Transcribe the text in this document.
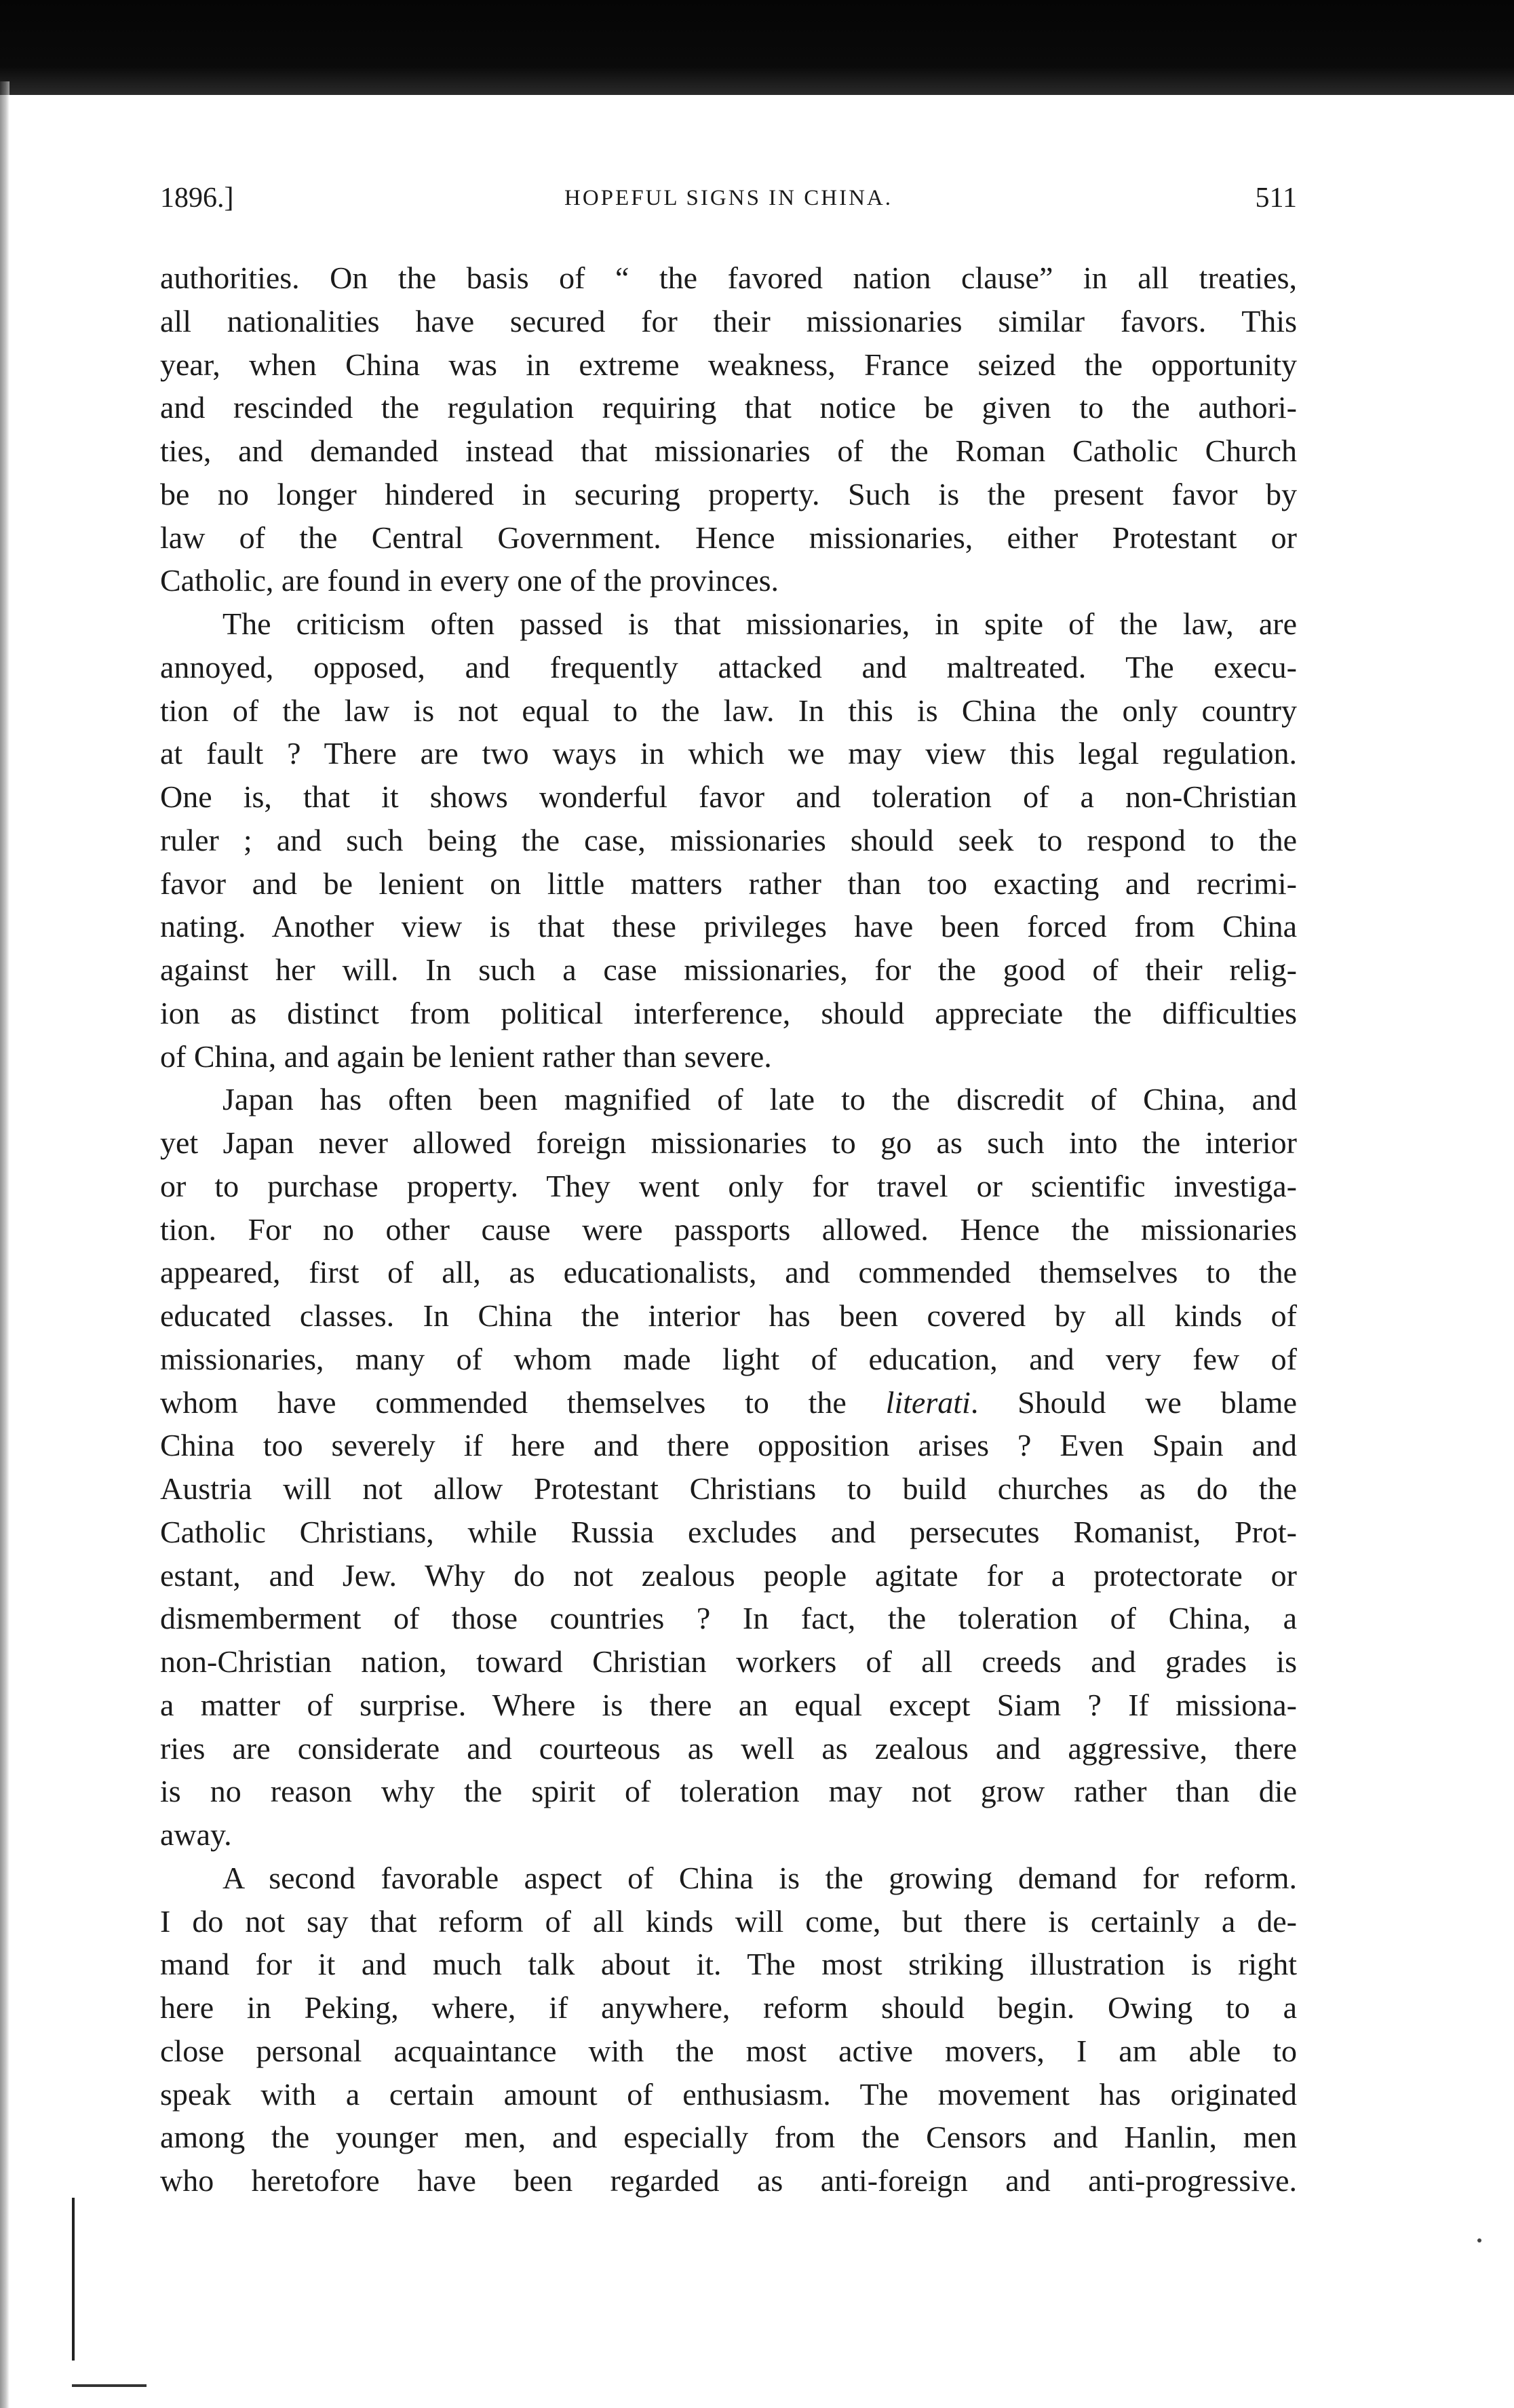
1896.]	HOPEFUL SIGNS IN CHINA.	511
authorities. On the basis of “ the favored nation clause” in all treaties,
all nationalities have secured for their missionaries similar favors. This
year, when China was in extreme weakness, France seized the opportunity
and rescinded the regulation requiring that notice be given to the authori-
ties, and demanded instead that missionaries of the Roman Catholic Church
be no longer hindered in securing property. Such is the present favor by
law of the Central Government. Hence missionaries, either Protestant or
Catholic, are found in every one of the provinces.
The criticism often passed is that missionaries, in spite of the law, are
annoyed, opposed, and frequently attacked and maltreated. The execu-
tion of the law is not equal to the law. In this is China the only country
at fault ? There are two ways in which we may view this legal regulation.
One is, that it shows wonderful favor and toleration of a non-Christian
ruler ; and such being the case, missionaries should seek to respond to the
favor and be lenient on little matters rather than too exacting and recrimi-
nating. Another view is that these privileges have been forced from China
against her will. In such a case missionaries, for the good of their relig-
ion as distinct from political interference, should appreciate the difficulties
of China, and again be lenient rather than severe.
Japan has often been magnified of late to the discredit of China, and
yet Japan never allowed foreign missionaries to go as such into the interior
or to purchase property. They went only for travel or scientific investiga-
tion. For no other cause were passports allowed. Hence the missionaries
appeared, first of all, as educationalists, and commended themselves to the
educated classes. In China the interior has been covered by all kinds of
missionaries, many of whom made light of education, and very few of
whom have commended themselves to the literati. Should we blame
China too severely if here and there opposition arises ? Even Spain and
Austria will not allow Protestant Christians to build churches as do the
Catholic Christians, while Russia excludes and persecutes Romanist, Prot-
estant, and Jew. Why do not zealous people agitate for a protectorate or
dismemberment of those countries ? In fact, the toleration of China, a
non-Christian nation, toward Christian workers of all creeds and grades is
a matter of surprise. Where is there an equal except Siam ? If missiona-
ries are considerate and courteous as well as zealous and aggressive, there
is no reason why the spirit of toleration may not grow rather than die
away.
A second favorable aspect of China is the growing demand for reform.
I do not say that reform of all kinds will come, but there is certainly a de-
mand for it and much talk about it. The most striking illustration is right
here in Peking, where, if anywhere, reform should begin. Owing to a
close personal acquaintance with the most active movers, I am able to
speak with a certain amount of enthusiasm. The movement has originated
among the younger men, and especially from the Censors and Hanlin, men
who heretofore have been regarded as anti-foreign and anti-progressive.
